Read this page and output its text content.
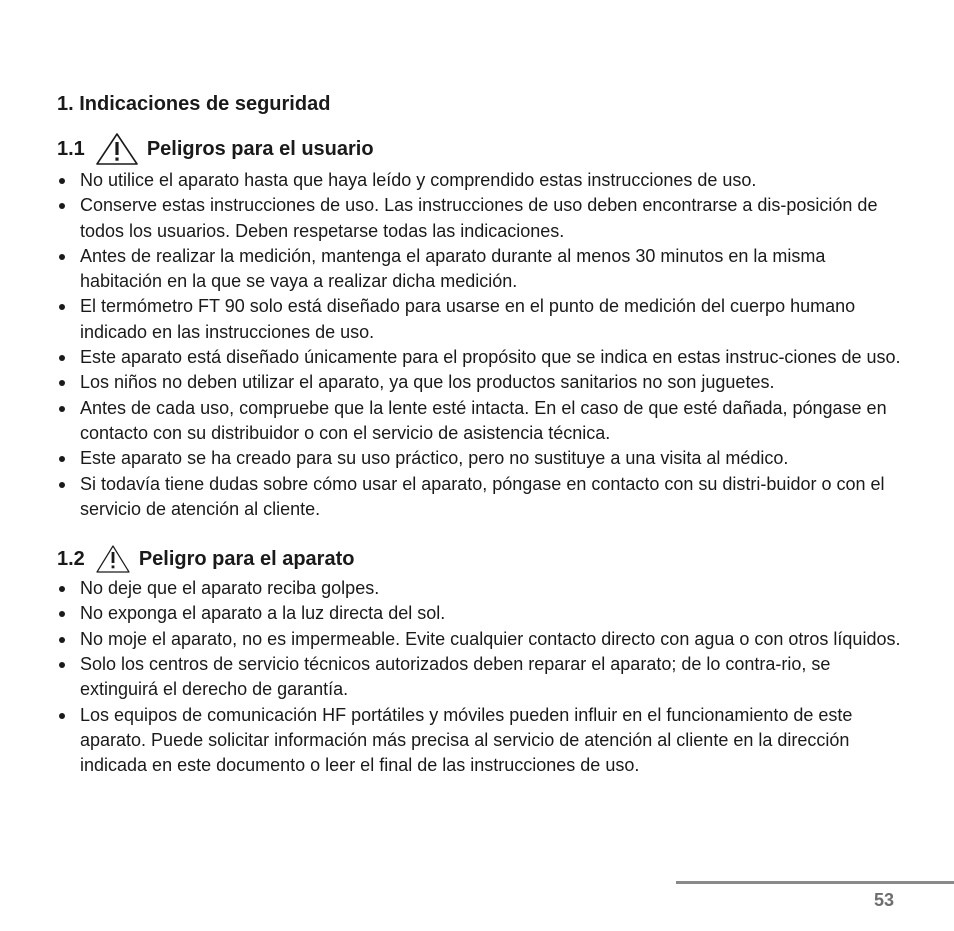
1. Indicaciones de seguridad
1.1	Peligros para el usuario
No utilice el aparato hasta que haya leído y comprendido estas instrucciones de uso.
Conserve estas instrucciones de uso. Las instrucciones de uso deben encontrarse a dis-posición de todos los usuarios. Deben respetarse todas las indicaciones.
Antes de realizar la medición, mantenga el aparato durante al menos 30 minutos en la misma habitación en la que se vaya a realizar dicha medición.
El termómetro FT 90 solo está diseñado para usarse en el punto de medición del cuerpo humano indicado en las instrucciones de uso.
Este aparato está diseñado únicamente para el propósito que se indica en estas instruc-ciones de uso.
Los niños no deben utilizar el aparato, ya que los productos sanitarios no son juguetes.
Antes de cada uso, compruebe que la lente esté intacta. En el caso de que esté dañada, póngase en contacto con su distribuidor o con el servicio de asistencia técnica.
Este aparato se ha creado para su uso práctico, pero no sustituye a una visita al médico.
Si todavía tiene dudas sobre cómo usar el aparato, póngase en contacto con su distri-buidor o con el servicio de atención al cliente.
1.2	Peligro para el aparato
No deje que el aparato reciba golpes.
No exponga el aparato a la luz directa del sol.
No moje el aparato, no es impermeable. Evite cualquier contacto directo con agua o con otros líquidos.
Solo los centros de servicio técnicos autorizados deben reparar el aparato; de lo contra-rio, se extinguirá el derecho de garantía.
Los equipos de comunicación HF portátiles y móviles pueden influir en el funcionamiento de este aparato. Puede solicitar información más precisa al servicio de atención al cliente en la dirección indicada en este documento o leer el final de las instrucciones de uso.
53
